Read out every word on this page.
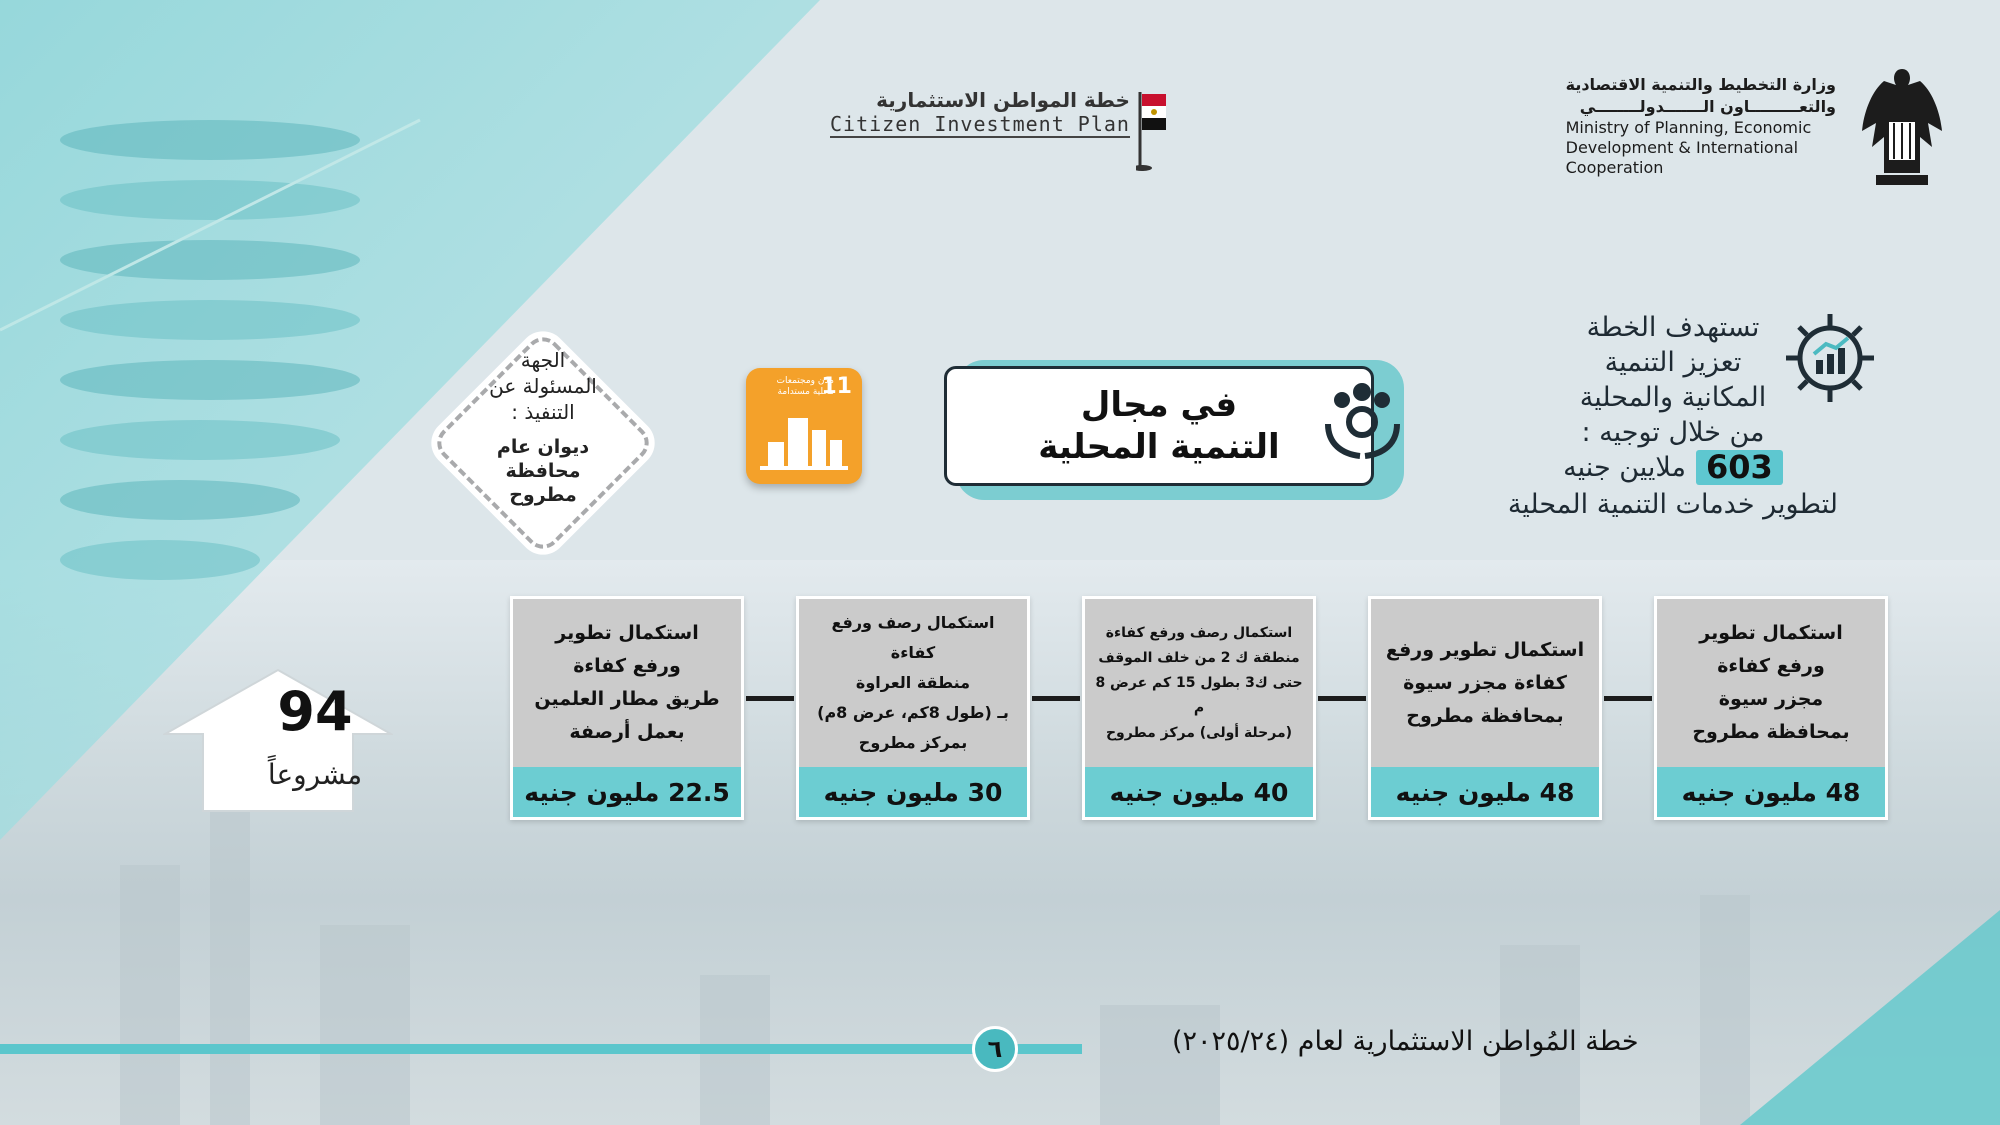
وزارة التخطيط والتنمية الاقتصادية
والتعـــــــــاون الـــــــدولــــــــي
Ministry of Planning, Economic
Development & International
Cooperation
خطة المواطن الاستثمارية
Citizen Investment Plan
تستهدف الخطة
تعزيز التنمية
المكانية والمحلية
من خلال توجيه :
603
ملايين جنيه
لتطوير خدمات التنمية المحلية
في مجال
التنمية المحلية
11
مدن ومجتمعات
محلية مستدامة
الجهة
المسئولة عن
التنفيذ :
ديوان عام
محافظة
مطروح
94
مشروعاً
استكمال تطوير
ورفع كفاءة
مجزر سيوة
بمحافظة مطروح
48 مليون جنيه
استكمال تطوير ورفع
كفاءة مجزر سيوة
بمحافظة مطروح
48 مليون جنيه
استكمال رصف ورفع كفاءة
منطقة ك 2 من خلف الموقف
حتى ك3 بطول 15 كم عرض 8 م
(مرحلة أولى) مركز مطروح
40 مليون جنيه
استكمال رصف ورفع كفاءة
منطقة العراوة
بـ (طول 8كم، عرض 8م)
بمركز مطروح
30 مليون جنيه
استكمال تطوير
ورفع كفاءة
طريق مطار العلمين
بعمل أرصفة
22.5 مليون جنيه
٦	خطة المُواطن الاستثمارية لعام (٢٠٢٥/٢٤)
